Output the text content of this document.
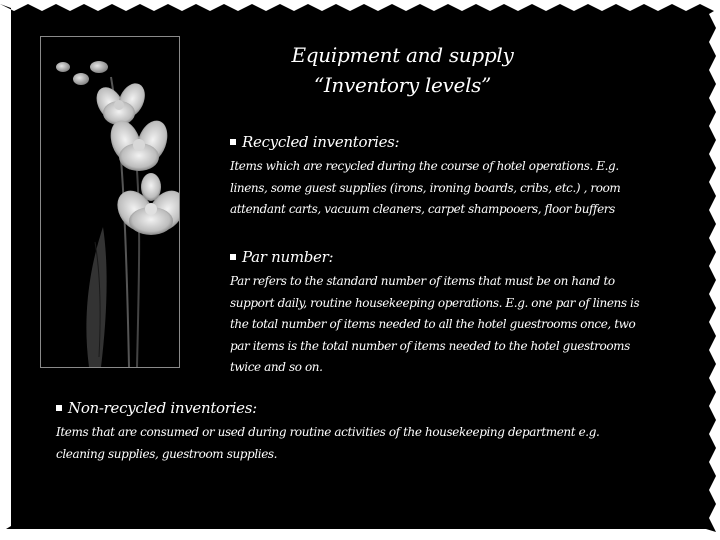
Equipment and supply
“Inventory levels”
Recycled inventories:
Items which are recycled during the course of hotel operations. E.g. linens, some guest supplies (irons, ironing boards, cribs, etc.) , room attendant carts, vacuum cleaners, carpet shampooers, floor buffers
Par number:
Par refers to the standard number of items that must be on hand to support daily, routine housekeeping operations. E.g. one par of linens is the total number of items needed to all the hotel guestrooms once, two par items is the total number of items needed to the hotel guestrooms twice and so on.
Non-recycled inventories:
Items that are consumed or used during routine activities of the housekeeping department e.g. cleaning supplies, guestroom supplies.
